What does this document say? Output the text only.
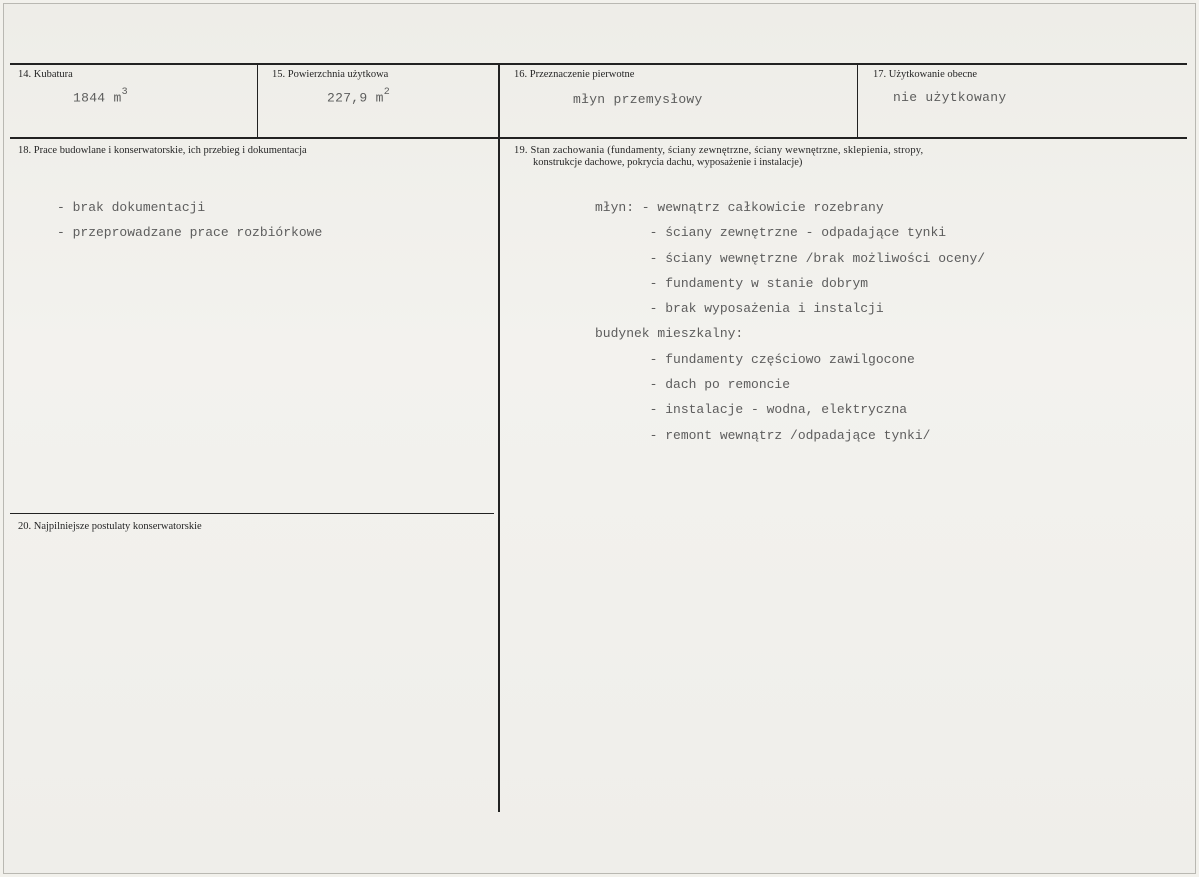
14. Kubatura
1844 $m^3$
15. Powierzchnia użytkowa
227,9 $m^2$
16. Przeznaczenie pierwotne
młyn przemysłowy
17. Użytkowanie obecne
nie użytkowany
18. Prace budowlane i konserwatorskie, ich przebieg i dokumentacja
- brak dokumentacji
- przeprowadzane prace rozbiórkowe
19. Stan zachowania (fundamenty, ściany zewnętrzne, ściany wewnętrzne, sklepienia, stropy,
konstrukcje dachowe, pokrycia dachu, wyposażenie i instalacje)
młyn: - wewnątrz całkowicie rozebrany
- ściany zewnętrzne - odpadające tynki
- ściany wewnętrzne /brak możliwości oceny/
- fundamenty w stanie dobrym
- brak wyposażenia i instalcji
budynek mieszkalny:
- fundamenty częściowo zawilgocone
- dach po remoncie
- instalacje - wodna, elektryczna
- remont wewnątrz /odpadające tynki/
20. Najpilniejsze postulaty konserwatorskie
